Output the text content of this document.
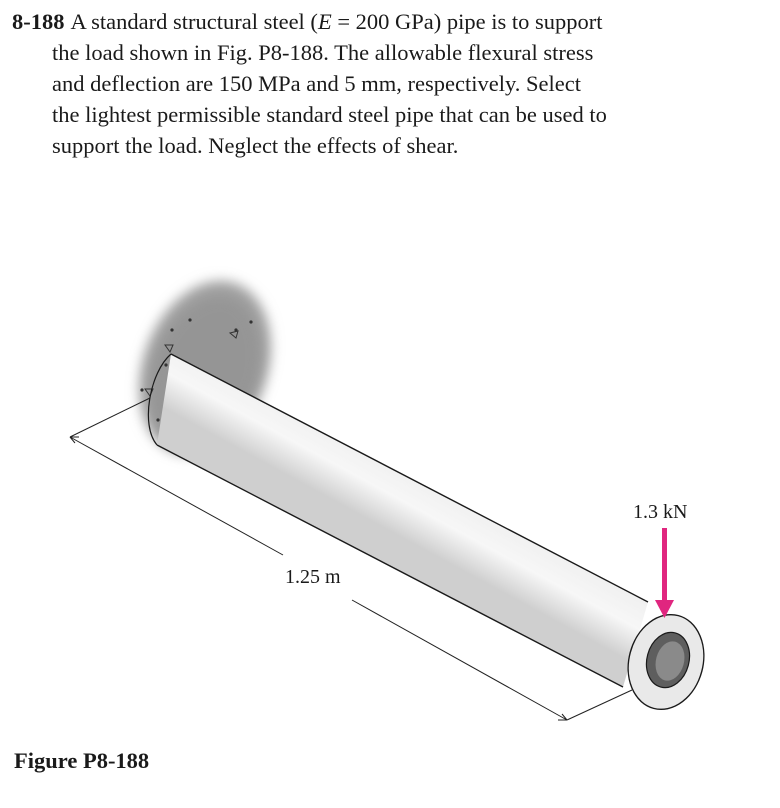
8-188 A standard structural steel (E = 200 GPa) pipe is to support
the load shown in Fig. P8-188. The allowable flexural stress
and deflection are 150 MPa and 5 mm, respectively. Select
the lightest permissible standard steel pipe that can be used to
support the load. Neglect the effects of shear.
1.25 m
1.3 kN
Figure P8-188
